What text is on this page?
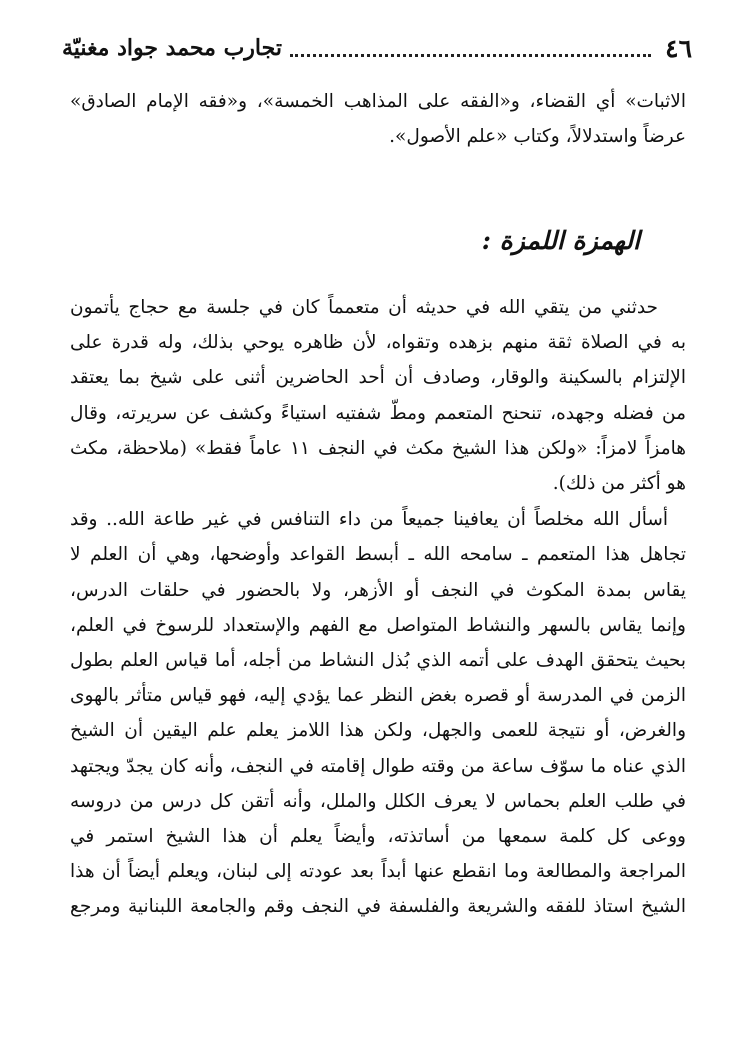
٤٦
تجارب محمد جواد مغنيّة
الاثبات» أي القضاء، و«الفقه على المذاهب الخمسة»، و«فقه الإمام الصادق»
عرضاً واستدلالاً، وكتاب «علم الأصول».
الهمزة اللمزة :
حدثني من يتقي الله في حديثه أن متعمماً كان في جلسة مع حجاج يأتمون
به في الصلاة ثقة منهم بزهده وتقواه، لأن ظاهره يوحي بذلك، وله قدرة على
الإلتزام بالسكينة والوقار، وصادف أن أحد الحاضرين أثنى على شيخ بما يعتقد
من فضله وجهده، تنحنح المتعمم ومطّ شفتيه استياءً وكشف عن سريرته، وقال
هامزاً لامزاً: «ولكن هذا الشيخ مكث في النجف ١١ عاماً فقط» (ملاحظة، مكث
هو أكثر من ذلك).
أسأل الله مخلصاً أن يعافينا جميعاً من داء التنافس في غير طاعة الله.. وقد
تجاهل هذا المتعمم ـ سامحه الله ـ أبسط القواعد وأوضحها، وهي أن العلم لا
يقاس بمدة المكوث في النجف أو الأزهر، ولا بالحضور في حلقات الدرس،
وإنما يقاس بالسهر والنشاط المتواصل مع الفهم والإستعداد للرسوخ في العلم،
بحيث يتحقق الهدف على أتمه الذي بُذل النشاط من أجله، أما قياس العلم بطول
الزمن في المدرسة أو قصره بغض النظر عما يؤدي إليه، فهو قياس متأثر بالهوى
والغرض، أو نتيجة للعمى والجهل، ولكن هذا اللامز يعلم علم اليقين أن الشيخ
الذي عناه ما سوّف ساعة من وقته طوال إقامته في النجف، وأنه كان يجدّ ويجتهد
في طلب العلم بحماس لا يعرف الكلل والملل، وأنه أتقن كل درس من دروسه
ووعى كل كلمة سمعها من أساتذته، وأيضاً يعلم أن هذا الشيخ استمر في
المراجعة والمطالعة وما انقطع عنها أبداً بعد عودته إلى لبنان، ويعلم أيضاً أن هذا
الشيخ استاذ للفقه والشريعة والفلسفة في النجف وقم والجامعة اللبنانية ومرجع
